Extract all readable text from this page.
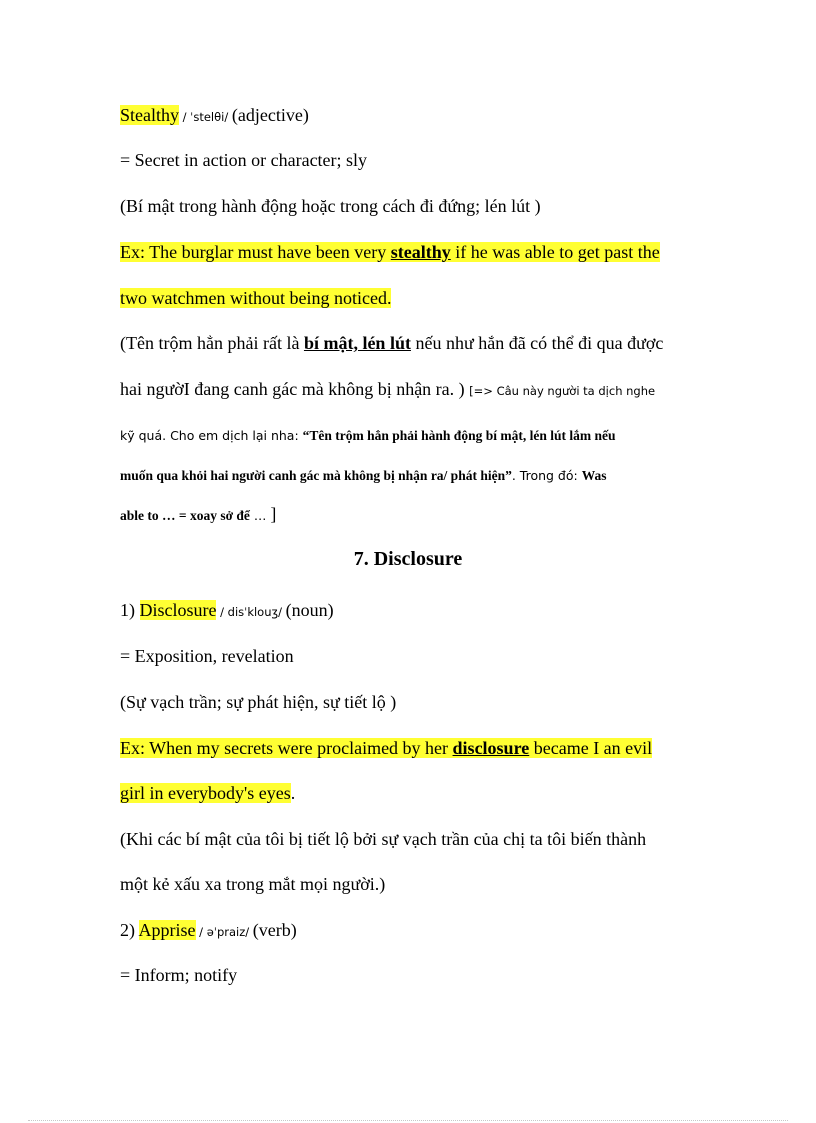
Stealthy / ˈstelθi/ (adjective)
= Secret in action or character; sly
(Bí mật trong hành động hoặc trong cách đi đứng; lén lút )
Ex: The burglar must have been very stealthy if he was able to get past the
two watchmen without being noticed.
(Tên trộm hẳn phải rất là bí mật, lén lút nếu như hắn đã có thể đi qua được
hai ngườI đang canh gác mà không bị nhận ra. ) [=> Câu này người ta dịch nghe
kỹ quá. Cho em dịch lại nha: “Tên trộm hẳn phải hành động bí mật, lén lút lắm nếu
muốn qua khỏi hai người canh gác mà không bị nhận ra/ phát hiện”. Trong đó: Was
able to … = xoay sở để … ]
7. Disclosure
1) Disclosure / disˈklouʒ/ (noun)
= Exposition, revelation
(Sự vạch trần; sự phát hiện, sự tiết lộ )
Ex: When my secrets were proclaimed by her disclosure became I an evil
girl in everybody's eyes.
(Khi các bí mật của tôi bị tiết lộ bởi sự vạch trần của chị ta tôi biến thành
một kẻ xấu xa trong mắt mọi người.)
2) Apprise / əˈpraiz/ (verb)
= Inform; notify
